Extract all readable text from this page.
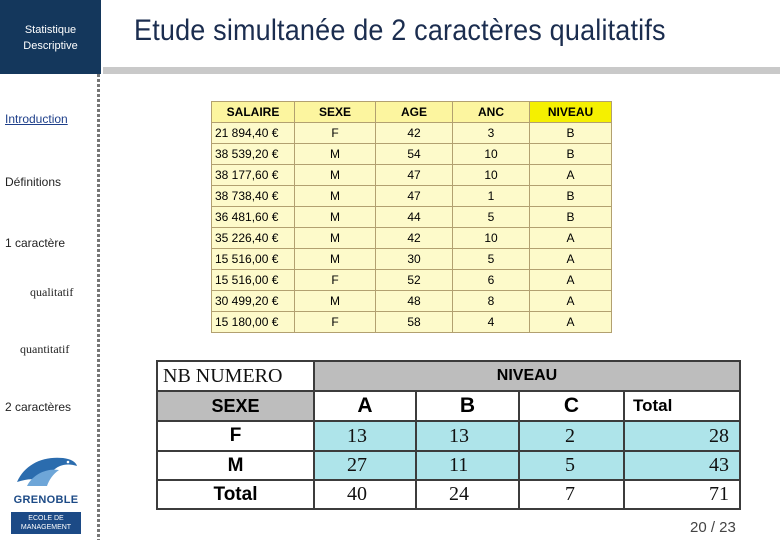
Statistique
Descriptive
Introduction
Définitions
1 caractère
qualitatif
quantitatif
2 caractères
GRENOBLE
ECOLE DE
MANAGEMENT
Etude simultanée de 2 caractères qualitatifs
SALAIRE	SEXE	AGE	ANC	NIVEAU
21 894,40 €	F	42	3	B
38 539,20 €	M	54	10	B
38 177,60 €	M	47	10	A
38 738,40 €	M	47	1	B
36 481,60 €	M	44	5	B
35 226,40 €	M	42	10	A
15 516,00 €	M	30	5	A
15 516,00 €	F	52	6	A
30 499,20 €	M	48	8	A
15 180,00 €	F	58	4	A
NB NUMERO	NIVEAU
SEXE	A	B	C	Total
F	13	13	2	28
M	27	11	5	43
Total	40	24	7	71
20 / 23
